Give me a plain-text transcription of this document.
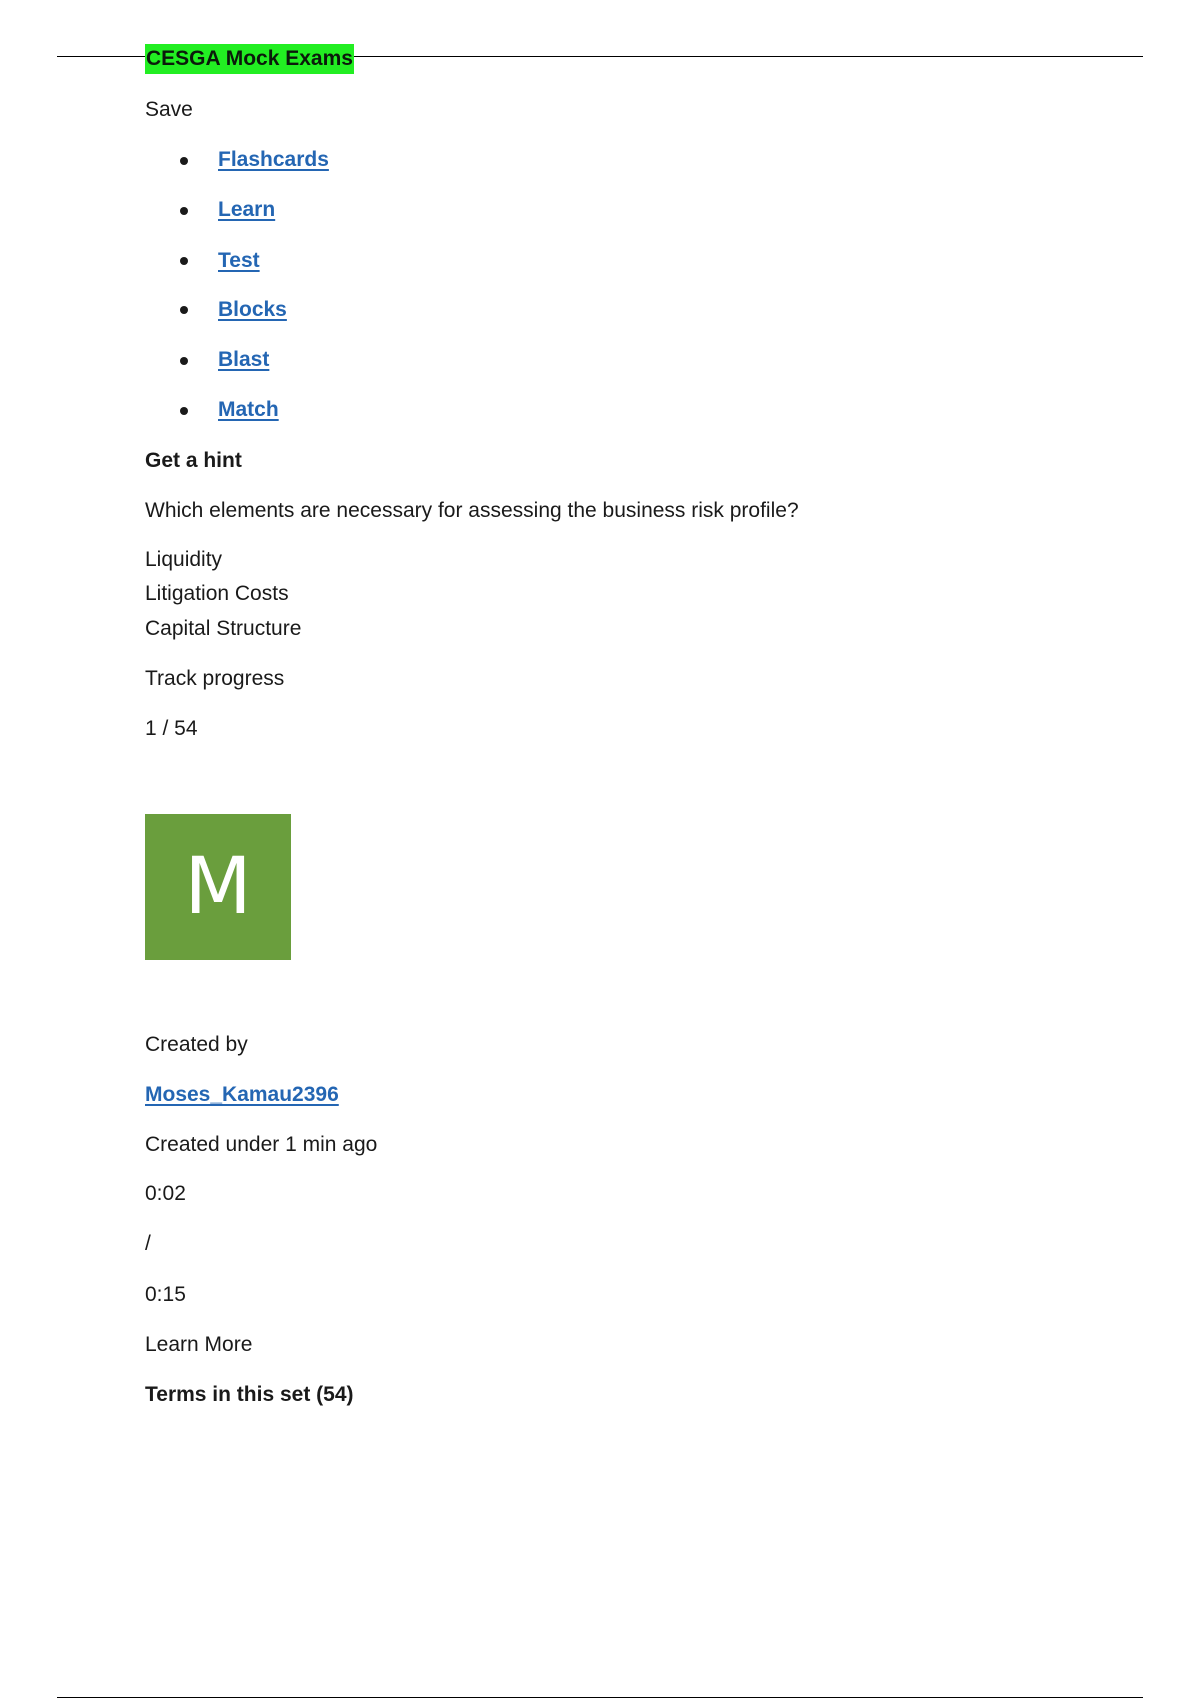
CESGA Mock Exams
Save
Flashcards
Learn
Test
Blocks
Blast
Match
Get a hint
Which elements are necessary for assessing the business risk profile?
Liquidity
Litigation Costs
Capital Structure
Track progress
1 / 54
M
Created by
Moses_Kamau2396
Created under 1 min ago
0:02
/
0:15
Learn More
Terms in this set (54)
